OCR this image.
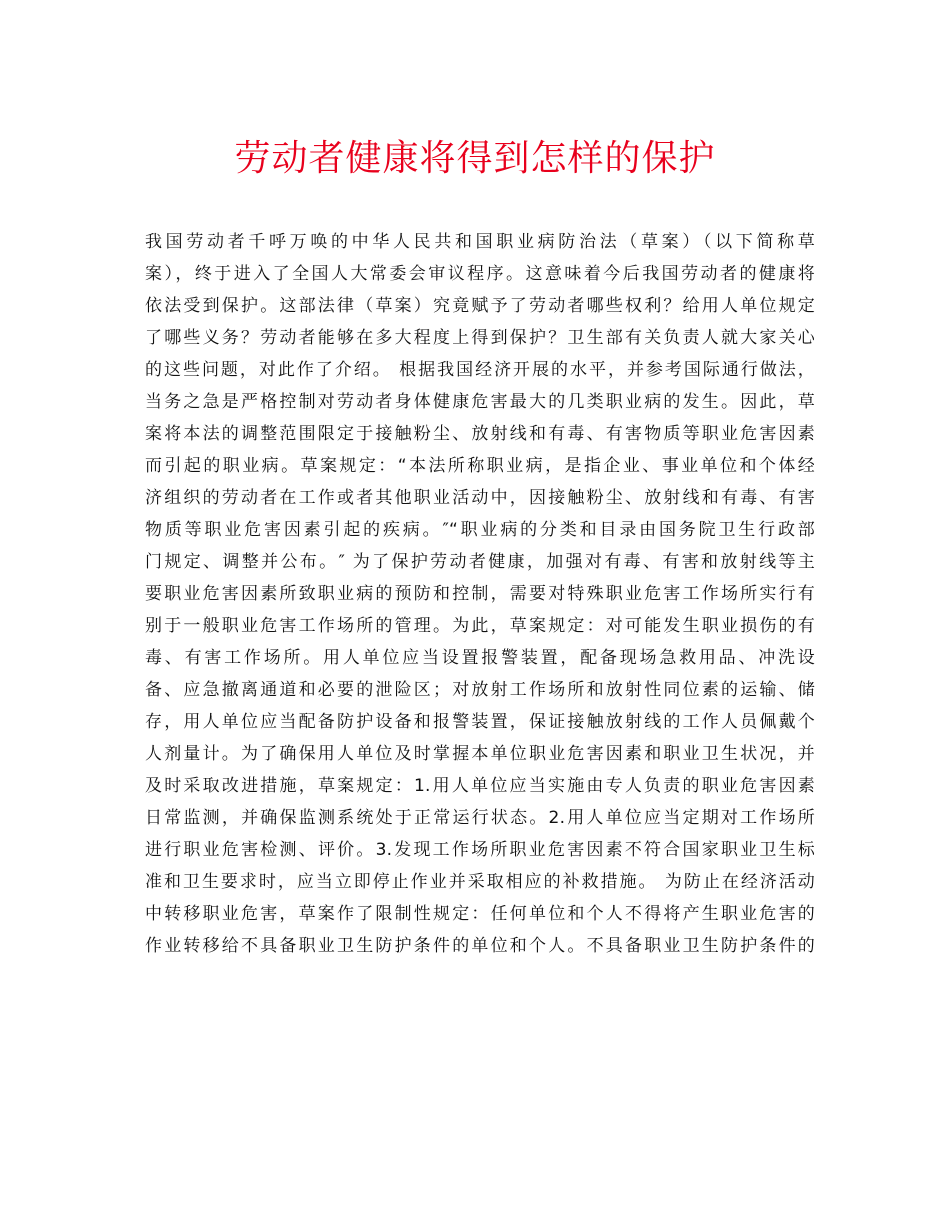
劳动者健康将得到怎样的保护
我国劳动者千呼万唤的中华人民共和国职业病防治法（草案）（以下简称草
案），终于进入了全国人大常委会审议程序。这意味着今后我国劳动者的健康将
依法受到保护。这部法律（草案）究竟赋予了劳动者哪些权利？给用人单位规定
了哪些义务？劳动者能够在多大程度上得到保护？卫生部有关负责人就大家关心
的这些问题，对此作了介绍。 根据我国经济开展的水平，并参考国际通行做法，
当务之急是严格控制对劳动者身体健康危害最大的几类职业病的发生。因此，草
案将本法的调整范围限定于接触粉尘、放射线和有毒、有害物质等职业危害因素
而引起的职业病。草案规定：“本法所称职业病，是指企业、事业单位和个体经
济组织的劳动者在工作或者其他职业活动中，因接触粉尘、放射线和有毒、有害
物质等职业危害因素引起的疾病。″“职业病的分类和目录由国务院卫生行政部
门规定、调整并公布。″ 为了保护劳动者健康，加强对有毒、有害和放射线等主
要职业危害因素所致职业病的预防和控制，需要对特殊职业危害工作场所实行有
别于一般职业危害工作场所的管理。为此，草案规定：对可能发生职业损伤的有
毒、有害工作场所。用人单位应当设置报警装置，配备现场急救用品、冲洗设
备、应急撤离通道和必要的泄险区；对放射工作场所和放射性同位素的运输、储
存，用人单位应当配备防护设备和报警装置，保证接触放射线的工作人员佩戴个
人剂量计。为了确保用人单位及时掌握本单位职业危害因素和职业卫生状况，并
及时采取改进措施，草案规定：1.用人单位应当实施由专人负责的职业危害因素
日常监测，并确保监测系统处于正常运行状态。2.用人单位应当定期对工作场所
进行职业危害检测、评价。3.发现工作场所职业危害因素不符合国家职业卫生标
准和卫生要求时，应当立即停止作业并采取相应的补救措施。 为防止在经济活动
中转移职业危害，草案作了限制性规定：任何单位和个人不得将产生职业危害的
作业转移给不具备职业卫生防护条件的单位和个人。不具备职业卫生防护条件的
